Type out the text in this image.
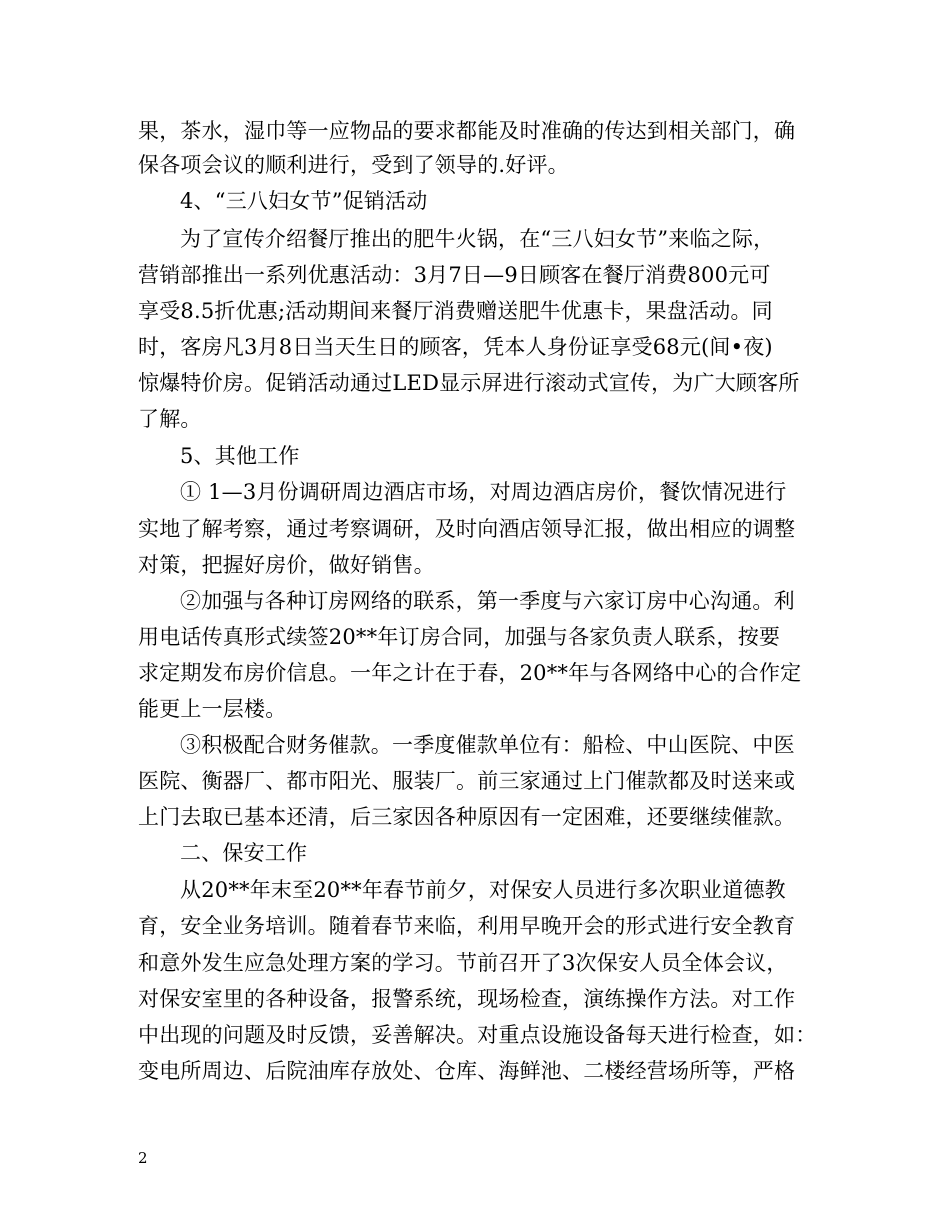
果，茶水，湿巾等一应物品的要求都能及时准确的传达到相关部门，确
保各项会议的顺利进行，受到了领导的.好评。
4、“三八妇女节”促销活动
为了宣传介绍餐厅推出的肥牛火锅，在“三八妇女节”来临之际，
营销部推出一系列优惠活动：3月7日—9日顾客在餐厅消费800元可
享受8.5折优惠;活动期间来餐厅消费赠送肥牛优惠卡，果盘活动。同
时，客房凡3月8日当天生日的顾客，凭本人身份证享受68元(间•夜)
惊爆特价房。促销活动通过LED显示屏进行滚动式宣传，为广大顾客所
了解。
5、其他工作
① 1—3月份调研周边酒店市场，对周边酒店房价，餐饮情况进行
实地了解考察，通过考察调研，及时向酒店领导汇报，做出相应的调整
对策，把握好房价，做好销售。
②加强与各种订房网络的联系，第一季度与六家订房中心沟通。利
用电话传真形式续签20**年订房合同，加强与各家负责人联系，按要
求定期发布房价信息。一年之计在于春，20**年与各网络中心的合作定
能更上一层楼。
③积极配合财务催款。一季度催款单位有：船检、中山医院、中医
医院、衡器厂、都市阳光、服装厂。前三家通过上门催款都及时送来或
上门去取已基本还清，后三家因各种原因有一定困难，还要继续催款。
二、保安工作
从20**年末至20**年春节前夕，对保安人员进行多次职业道德教
育，安全业务培训。随着春节来临，利用早晚开会的形式进行安全教育
和意外发生应急处理方案的学习。节前召开了3次保安人员全体会议，
对保安室里的各种设备，报警系统，现场检查，演练操作方法。对工作
中出现的问题及时反馈，妥善解决。对重点设施设备每天进行检查，如：
变电所周边、后院油库存放处、仓库、海鲜池、二楼经营场所等，严格
2
